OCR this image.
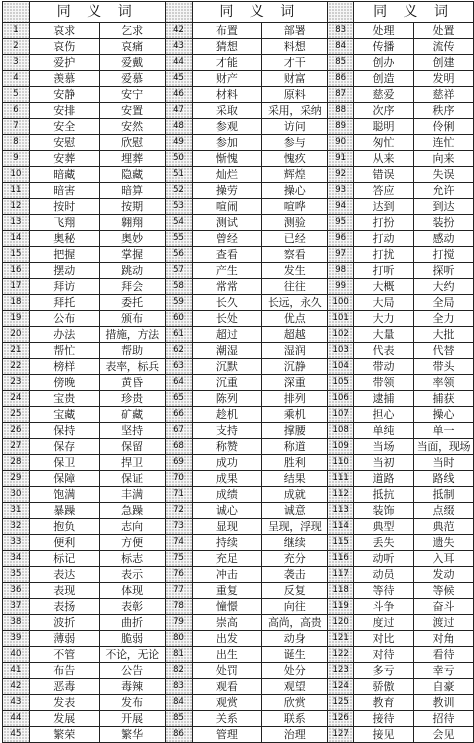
	同 义 词			同 义 词			同 义 词	
1	哀求	乞求	42	布置	部署	83	处理	处置
2	哀伤	哀痛	43	猜想	料想	84	传播	流传
3	爱护	爱戴	44	才能	才干	85	创办	创建
4	羡慕	爱慕	45	财产	财富	86	创造	发明
5	安静	安宁	46	材料	原料	87	慈爱	慈祥
6	安排	安置	47	采取	采用，采纳	88	次序	秩序
7	安全	安然	48	参观	访问	89	聪明	伶俐
8	安慰	欣慰	49	参加	参与	90	匆忙	连忙
9	安葬	埋葬	50	惭愧	愧疚	91	从来	向来
10	暗藏	隐藏	51	灿烂	辉煌	92	错误	失误
11	暗害	暗算	52	操劳	操心	93	答应	允许
12	按时	按期	53	喧闹	喧哗	94	达到	到达
13	飞翔	翱翔	54	测试	测验	95	打扮	装扮
14	奥秘	奥妙	55	曾经	已经	96	打动	感动
15	把握	掌握	56	查看	察看	97	打扰	打搅
16	摆动	跳动	57	产生	发生	98	打听	探听
17	拜访	拜会	58	常常	往往	99	大概	大约
18	拜托	委托	59	长久	长远，永久	100	大局	全局
19	公布	颁布	60	长处	优点	101	大力	全力
20	办法	措施，方法	61	超过	超越	102	大量	大批
21	帮忙	帮助	62	潮湿	湿润	103	代表	代替
22	榜样	表率，标兵	63	沉默	沉静	104	带动	带头
23	傍晚	黄昏	64	沉重	深重	105	带领	率领
24	宝贵	珍贵	65	陈列	排列	106	逮捕	捕获
25	宝藏	矿藏	66	趁机	乘机	107	担心	操心
26	保持	坚持	67	支持	撑腰	108	单纯	单一
27	保存	保留	68	称赞	称道	109	当场	当面，现场
28	保卫	捍卫	69	成功	胜利	110	当初	当时
29	保障	保证	70	成果	结果	111	道路	路线
30	饱满	丰满	71	成绩	成就	112	抵抗	抵制
31	暴躁	急躁	72	诚心	诚意	113	装饰	点缀
32	抱负	志向	73	显现	呈现，浮现	114	典型	典范
33	便利	方便	74	持续	继续	115	丢失	遗失
34	标记	标志	75	充足	充分	116	动听	入耳
35	表达	表示	76	冲击	袭击	117	动员	发动
36	表现	体现	77	重复	反复	118	等待	等候
37	表扬	表彰	78	憧憬	向往	119	斗争	奋斗
38	波折	曲折	79	崇高	高尚，高贵	120	度过	渡过
39	薄弱	脆弱	80	出发	动身	121	对比	对角
40	不管	不论，无论	81	出生	诞生	122	对待	看待
41	布告	公告	82	处罚	处分	123	多亏	幸亏
42	恶毒	毒辣	83	观看	观望	124	骄傲	自豪
43	发表	发布	84	观赏	欣赏	125	教育	教训
44	发展	开展	85	关系	联系	126	接待	招待
45	繁荣	繁华	86	管理	治理	127	接见	会见
